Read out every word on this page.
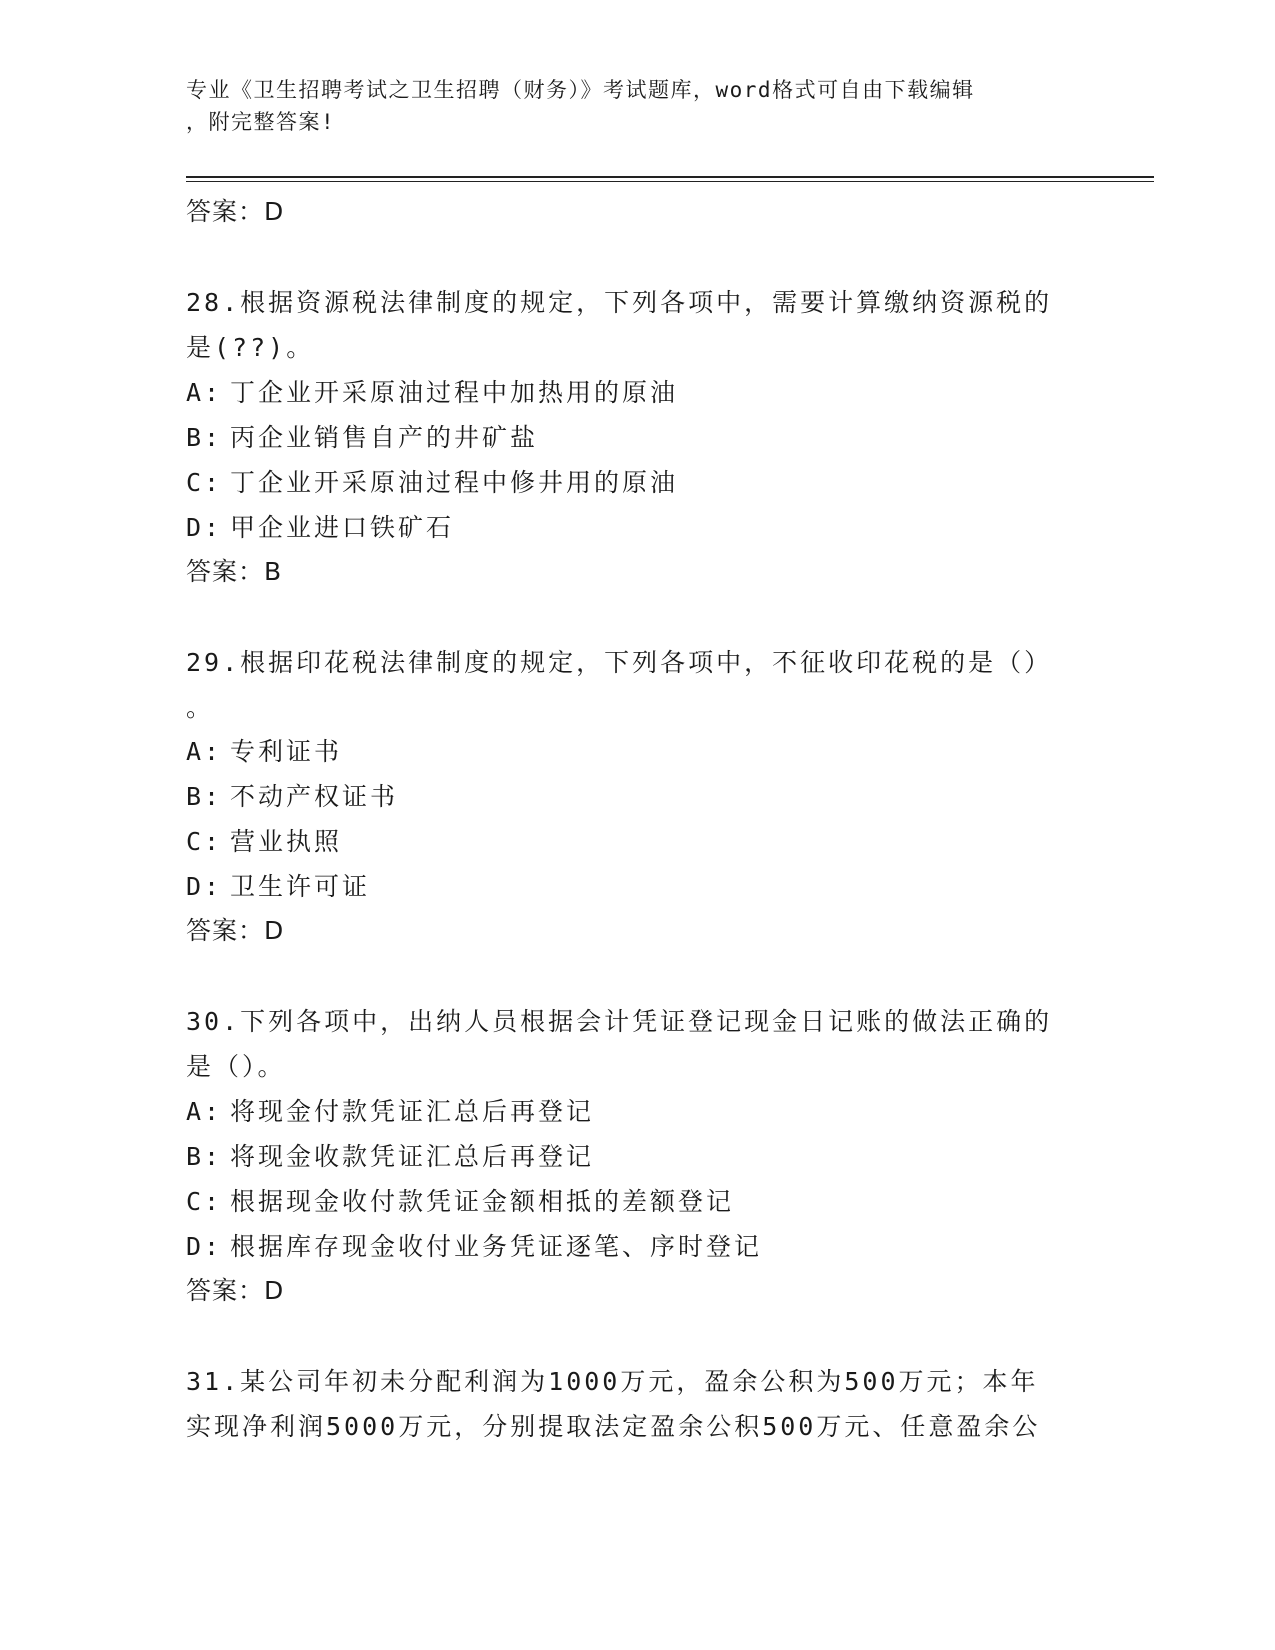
专业《卫生招聘考试之卫生招聘（财务）》考试题库，word格式可自由下载编辑
，附完整答案!
答案：D
28.根据资源税法律制度的规定，下列各项中，需要计算缴纳资源税的
是(??)。
A: 丁企业开采原油过程中加热用的原油
B: 丙企业销售自产的井矿盐
C: 丁企业开采原油过程中修井用的原油
D: 甲企业进口铁矿石
答案：B
29.根据印花税法律制度的规定，下列各项中，不征收印花税的是（）
。
A: 专利证书
B: 不动产权证书
C: 营业执照
D: 卫生许可证
答案：D
30.下列各项中，出纳人员根据会计凭证登记现金日记账的做法正确的
是（）。
A: 将现金付款凭证汇总后再登记
B: 将现金收款凭证汇总后再登记
C: 根据现金收付款凭证金额相抵的差额登记
D: 根据库存现金收付业务凭证逐笔、序时登记
答案：D
31.某公司年初未分配利润为1000万元，盈余公积为500万元；本年
实现净利润5000万元，分别提取法定盈余公积500万元、任意盈余公
